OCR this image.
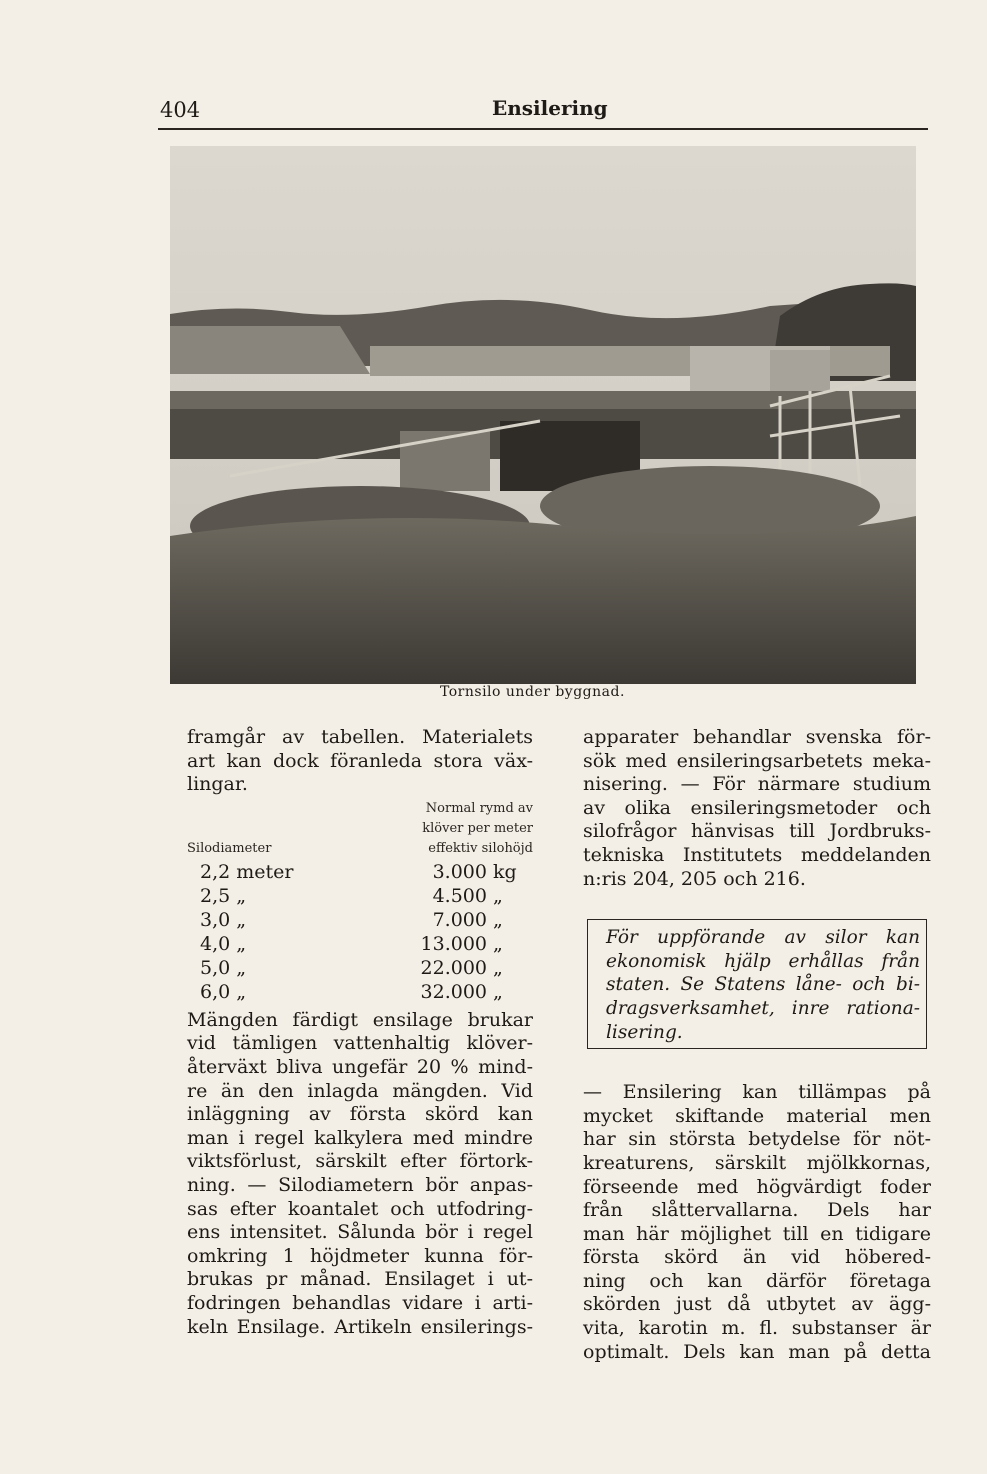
404	Ensilering
Tornsilo under byggnad.

framgår av tabellen. Materialets

art kan dock föranleda stora väx-

lingar.

Silodiameter
Normal rymd av
klöver per meter
effektiv silohöjd
2,2 meter	3.000 kg
2,5 „	4.500 „
3,0 „	7.000 „
4,0 „	13.000 „
5,0 „	22.000 „
6,0 „	32.000 „

Mängden färdigt ensilage brukar

vid tämligen vattenhaltig klöver-

återväxt bliva ungefär 20 % mind-

re än den inlagda mängden. Vid

inläggning av första skörd kan

man i regel kalkylera med mindre

viktsförlust, särskilt efter förtork-

ning. — Silodiametern bör anpas-

sas efter koantalet och utfodring-

ens intensitet. Sålunda bör i regel

omkring 1 höjdmeter kunna för-

brukas pr månad. Ensilaget i ut-

fodringen behandlas vidare i arti-

keln Ensilage. Artikeln ensilerings-

apparater behandlar svenska för-

sök med ensileringsarbetets meka-

nisering. — För närmare studium

av olika ensileringsmetoder och

silofrågor hänvisas till Jordbruks-

tekniska Institutets meddelanden

n:ris 204, 205 och 216.

För uppförande av silor kan

ekonomisk hjälp erhållas från

staten. Se Statens låne- och bi-

dragsverksamhet, inre rationa-

lisering.

— Ensilering kan tillämpas på

mycket skiftande material men

har sin största betydelse för nöt-

kreaturens, särskilt mjölkkornas,

förseende med högvärdigt foder

från slåttervallarna. Dels har

man här möjlighet till en tidigare

första skörd än vid höbered-

ning och kan därför företaga

skörden just då utbytet av ägg-

vita, karotin m. fl. substanser är

optimalt. Dels kan man på detta
